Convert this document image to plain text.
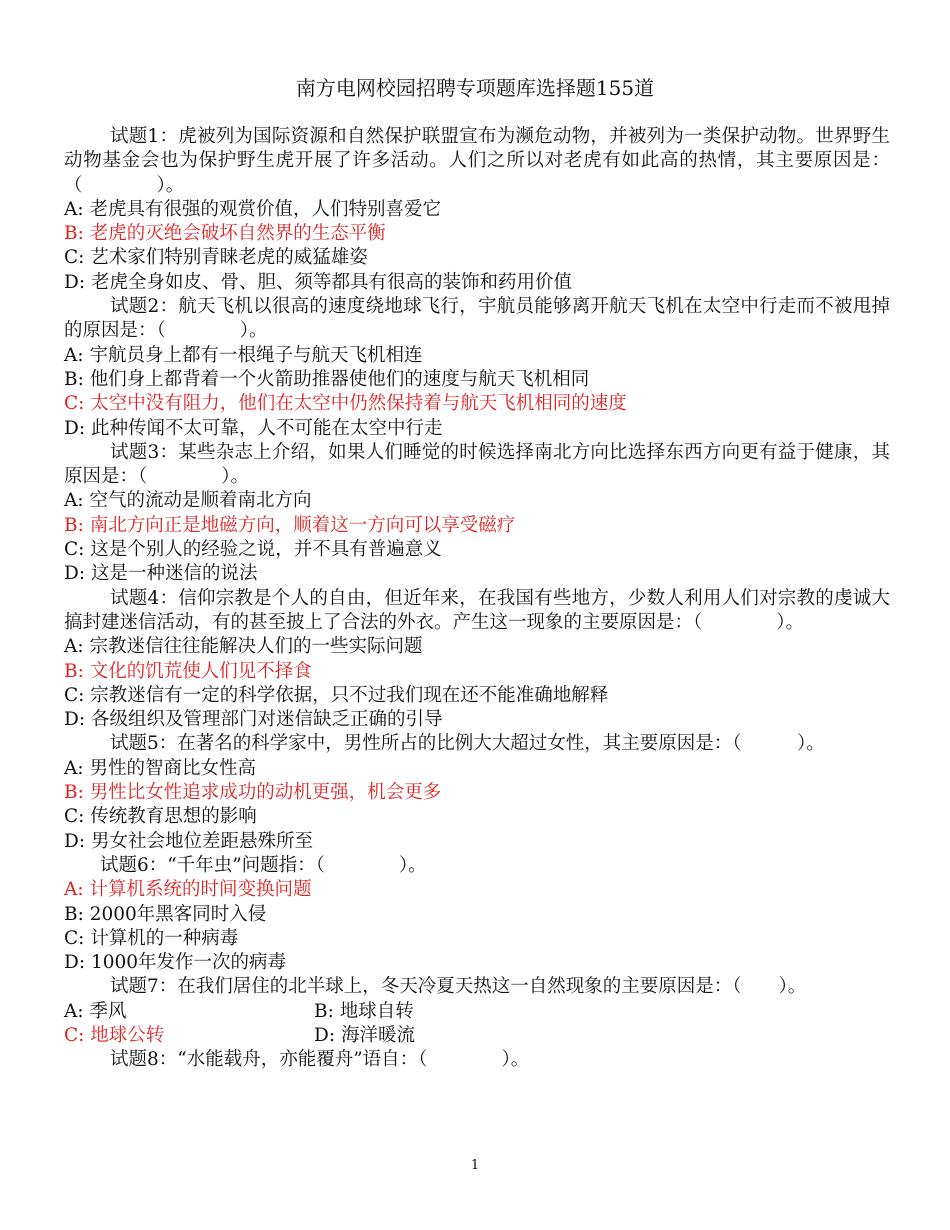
南方电网校园招聘专项题库选择题155道

试题1：虎被列为国际资源和自然保护联盟宣布为濒危动物，并被列为一类保护动物。世界野生动物基金会也为保护野生虎开展了许多活动。人们之所以对老虎有如此高的热情，其主要原因是：（　　　　）。

A: 老虎具有很强的观赏价值，人们特别喜爱它

B: 老虎的灭绝会破坏自然界的生态平衡

C: 艺术家们特别青睐老虎的威猛雄姿

D: 老虎全身如皮、骨、胆、须等都具有很高的装饰和药用价值

试题2：航天飞机以很高的速度绕地球飞行，宇航员能够离开航天飞机在太空中行走而不被甩掉的原因是：（　　　　）。

A: 宇航员身上都有一根绳子与航天飞机相连

B: 他们身上都背着一个火箭助推器使他们的速度与航天飞机相同

C: 太空中没有阻力，他们在太空中仍然保持着与航天飞机相同的速度

D: 此种传闻不太可靠，人不可能在太空中行走

试题3：某些杂志上介绍，如果人们睡觉的时候选择南北方向比选择东西方向更有益于健康，其原因是：（　　　　）。

A: 空气的流动是顺着南北方向

B: 南北方向正是地磁方向，顺着这一方向可以享受磁疗

C: 这是个别人的经验之说，并不具有普遍意义

D: 这是一种迷信的说法

试题4：信仰宗教是个人的自由，但近年来，在我国有些地方，少数人利用人们对宗教的虔诚大搞封建迷信活动，有的甚至披上了合法的外衣。产生这一现象的主要原因是：（　　　　）。

A: 宗教迷信往往能解决人们的一些实际问题

B: 文化的饥荒使人们见不择食

C: 宗教迷信有一定的科学依据，只不过我们现在还不能准确地解释

D: 各级组织及管理部门对迷信缺乏正确的引导

试题5：在著名的科学家中，男性所占的比例大大超过女性，其主要原因是：（　　　）。

A: 男性的智商比女性高

B: 男性比女性追求成功的动机更强，机会更多

C: 传统教育思想的影响

D: 男女社会地位差距悬殊所至

试题6：“千年虫”问题指：（　　　　）。

A: 计算机系统的时间变换问题

B: 2000年黑客同时入侵

C: 计算机的一种病毒

D: 1000年发作一次的病毒

试题7：在我们居住的北半球上，冬天冷夏天热这一自然现象的主要原因是：（　　）。

A: 季风	B: 地球自转
C: 地球公转	D: 海洋暖流

试题8：“水能载舟，亦能覆舟”语自：（　　　　）。

1
